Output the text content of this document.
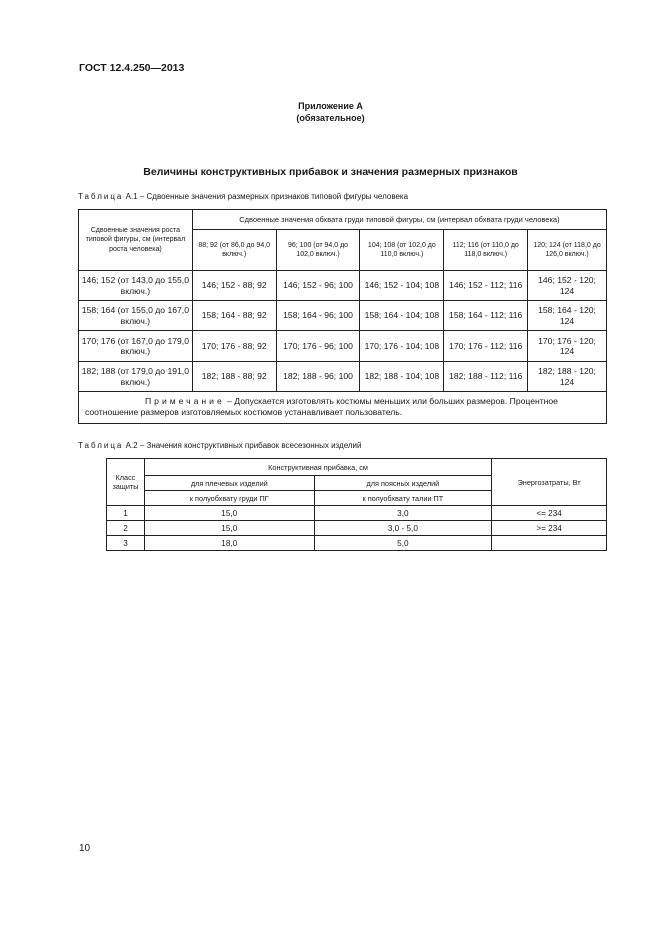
ГОСТ 12.4.250—2013
Приложение А
(обязательное)
Величины конструктивных прибавок и значения размерных признаков
Таблица А.1 – Сдвоенные значения размерных признаков типовой фигуры человека
Сдвоенные значения роста типовой фигуры, см (интервал роста человека)	Сдвоенные значения обхвата груди типовой фигуры, см (интервал обхвата груди человека)				
	88; 92 (от 86,0 до 94,0 включ.)	96; 100 (от 94,0 до 102,0 включ.)	104; 108 (от 102,0 до 110,0 включ.)	112; 116 (от 110,0 до 118,0 включ.)	120; 124 (от 118,0 до 126,0 включ.)
146; 152 (от 143,0 до 155,0 включ.)	146; 152 - 88; 92	146; 152 - 96; 100	146; 152 - 104; 108	146; 152 - 112; 116	146; 152 - 120; 124
158; 164 (от 155,0 до 167,0 включ.)	158; 164 - 88; 92	158; 164 - 96; 100	158; 164 - 104; 108	158; 164 - 112; 116	158; 164 - 120; 124
170; 176 (от 167,0 до 179,0 включ.)	170; 176 - 88; 92	170; 176 - 96; 100	170; 176 - 104; 108	170; 176 - 112; 116	170; 176 - 120; 124
182; 188 (от 179,0 до 191,0 включ.)	182; 188 - 88; 92	182; 188 - 96; 100	182; 188 - 104; 108	182; 188 - 112; 116	182; 188 - 120; 124
Примечание – Допускается изготовлять костюмы меньших или больших размеров. Процентное соотношение размеров изготовляемых костюмов устанавливает пользователь.					
Таблица А.2 – Значения конструктивных прибавок всесезонных изделий
Класс защиты	Конструктивная прибавка, см		Энергозатраты, Вт
	для плечевых изделий	для поясных изделий	
	к полуобхвату груди ПГ	к полуобхвату талии ПТ	
1	15,0	3,0	<= 234
2	15,0	3,0 - 5,0	>= 234
3	18,0	5,0	
10
